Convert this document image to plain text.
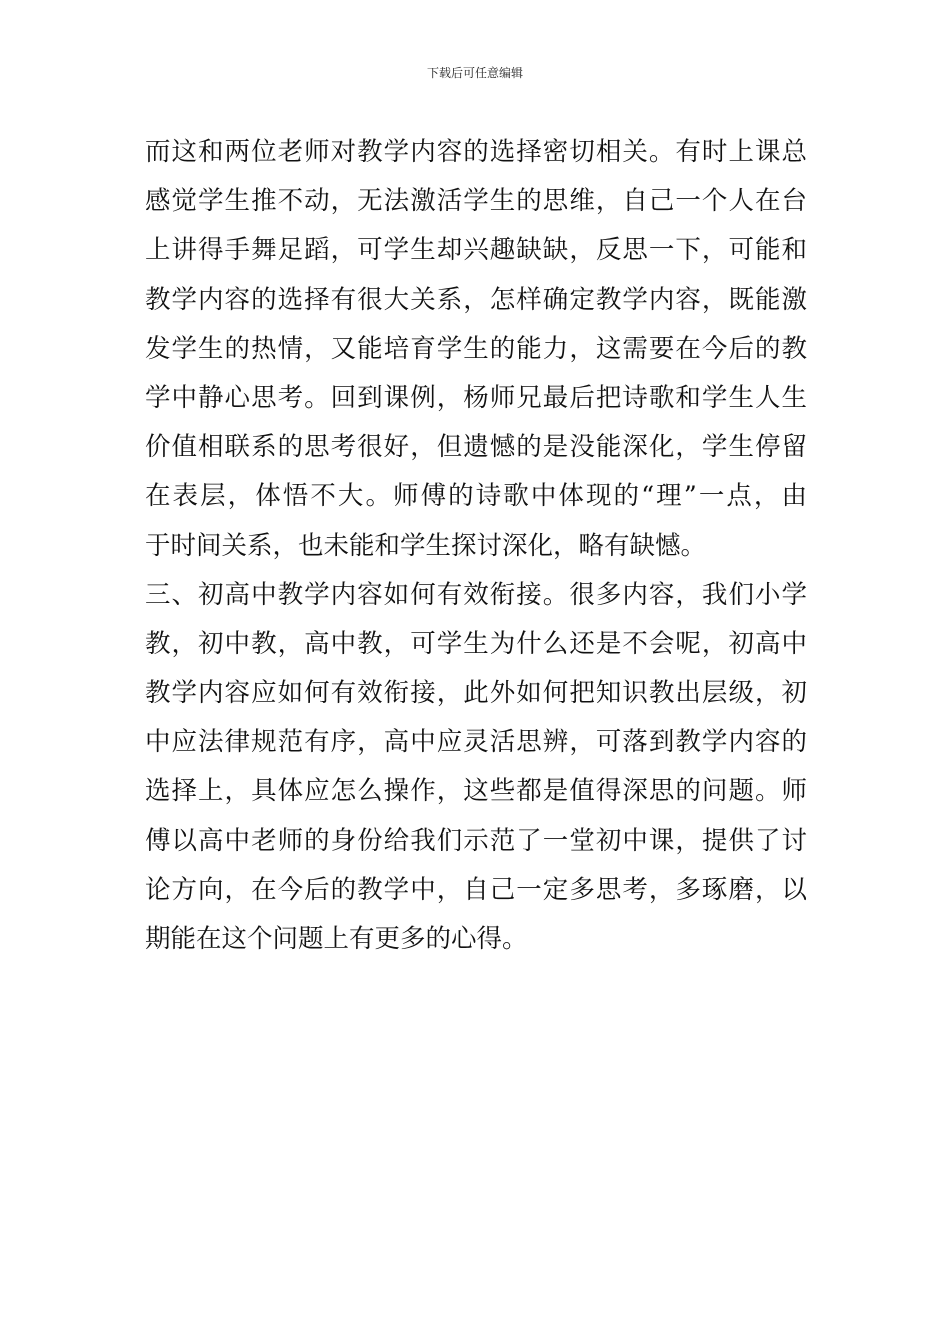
下载后可任意编辑
而这和两位老师对教学内容的选择密切相关。有时上课总
感觉学生推不动，无法激活学生的思维，自己一个人在台
上讲得手舞足蹈，可学生却兴趣缺缺，反思一下，可能和
教学内容的选择有很大关系，怎样确定教学内容，既能激
发学生的热情，又能培育学生的能力，这需要在今后的教
学中静心思考。回到课例，杨师兄最后把诗歌和学生人生
价值相联系的思考很好，但遗憾的是没能深化，学生停留
在表层，体悟不大。师傅的诗歌中体现的“理”一点，由
于时间关系，也未能和学生探讨深化，略有缺憾。
三、初高中教学内容如何有效衔接。很多内容，我们小学
教，初中教，高中教，可学生为什么还是不会呢，初高中
教学内容应如何有效衔接，此外如何把知识教出层级，初
中应法律规范有序，高中应灵活思辨，可落到教学内容的
选择上，具体应怎么操作，这些都是值得深思的问题。师
傅以高中老师的身份给我们示范了一堂初中课，提供了讨
论方向，在今后的教学中，自己一定多思考，多琢磨，以
期能在这个问题上有更多的心得。
